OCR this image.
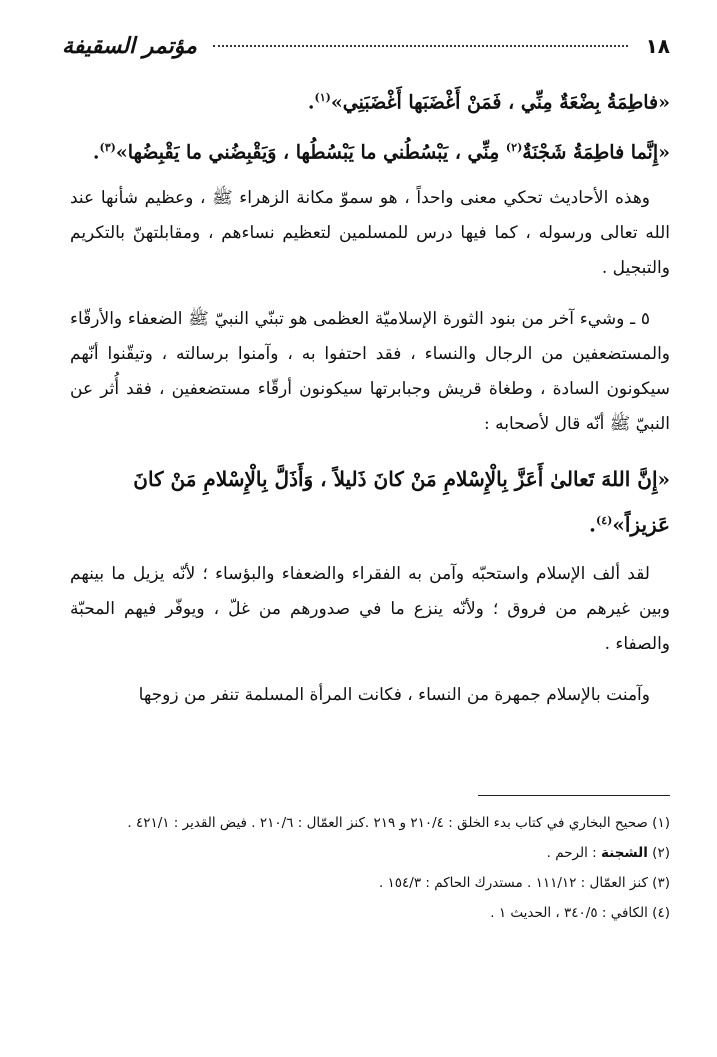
١٨
مؤتمر السقيفة

«فاطِمَةُ بِضْعَةٌ مِنِّي ، فَمَنْ أَغْضَبَها أَغْضَبَنِي»$^{(١)}$.

«إِنَّما فاطِمَةُ شَجْنَةٌ$^{(٢)}$ مِنِّي ، يَبْسُطُني ما يَبْسُطُها ، وَيَقْبِضُني ما يَقْبِضُها»$^{(٣)}$.

وهذه الأحاديث تحكي معنى واحداً ، هو سموّ مكانة الزهراء ﷺ ، وعظيم شأنها عند الله تعالى ورسوله ، كما فيها درس للمسلمين لتعظيم نساءهم ، ومقابلتهنّ بالتكريم والتبجيل .

٥ ـ وشيء آخر من بنود الثورة الإسلاميّة العظمى هو تبنّي النبيّ ﷺ الضعفاء والأرقّاء والمستضعفين من الرجال والنساء ، فقد احتفوا به ، وآمنوا برسالته ، وتيقّنوا أنّهم سيكونون السادة ، وطغاة قريش وجبابرتها سيكونون أرقّاء مستضعفين ، فقد أُثر عن النبيّ ﷺ أنّه قال لأصحابه :

«إِنَّ اللهَ تَعالىٰ أَعَزَّ بِالْإِسْلامِ مَنْ كانَ ذَليلاً ، وَأَذَلَّ بِالْإِسْلامِ مَنْ كانَ عَزيزاً»$^{(٤)}$.

لقد ألف الإسلام واستحبّه وآمن به الفقراء والضعفاء والبؤساء ؛ لأنّه يزيل ما بينهم وبين غيرهم من فروق ؛ ولأنّه ينزع ما في صدورهم من غلّ ، ويوفّر فيهم المحبّة والصفاء .

وآمنت بالإسلام جمهرة من النساء ، فكانت المرأة المسلمة تنفر من زوجها

(١) صحيح البخاري في كتاب بدء الخلق : ٢١٠/٤ و ٢١٩ .كنز العمّال : ٢١٠/٦ . فيض القدير : ٤٢١/١ .

(٢) الشجنة : الرحم .

(٣) كنز العمّال : ١١١/١٢ . مستدرك الحاكم : ١٥٤/٣ .

(٤) الكافي : ٣٤٠/٥ ، الحديث ١ .
